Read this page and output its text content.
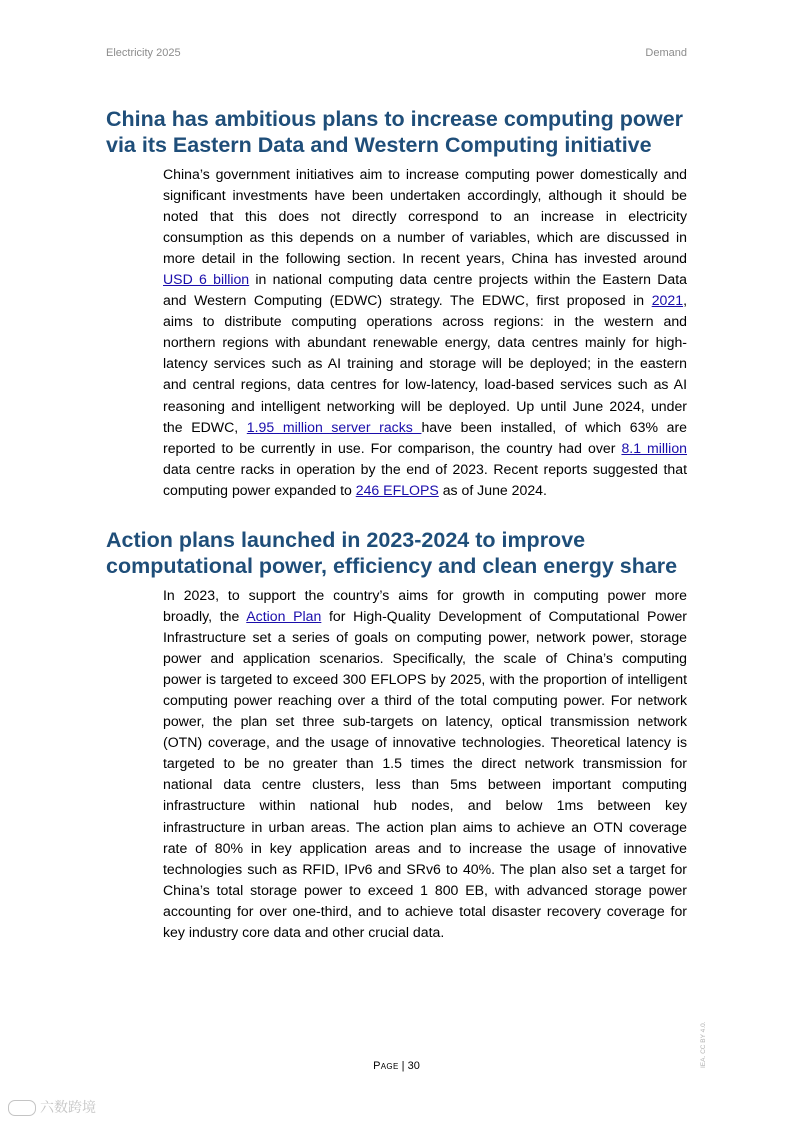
Electricity 2025	Demand
China has ambitious plans to increase computing power
via its Eastern Data and Western Computing initiative
China’s government initiatives aim to increase computing power domestically and
significant investments have been undertaken accordingly, although it should be
noted that this does not directly correspond to an increase in electricity
consumption as this depends on a number of variables, which are discussed in
more detail in the following section. In recent years, China has invested around
USD 6 billion in national computing data centre projects within the Eastern Data
and Western Computing (EDWC) strategy. The EDWC, first proposed in 2021,
aims to distribute computing operations across regions: in the western and
northern regions with abundant renewable energy, data centres mainly for high-
latency services such as AI training and storage will be deployed; in the eastern
and central regions, data centres for low-latency, load-based services such as AI
reasoning and intelligent networking will be deployed. Up until June 2024, under
the EDWC, 1.95 million server racks have been installed, of which 63% are
reported to be currently in use. For comparison, the country had over 8.1 million
data centre racks in operation by the end of 2023. Recent reports suggested that
computing power expanded to 246 EFLOPS as of June 2024.
Action plans launched in 2023-2024 to improve
computational power, efficiency and clean energy share
In 2023, to support the country’s aims for growth in computing power more
broadly, the Action Plan for High-Quality Development of Computational Power
Infrastructure set a series of goals on computing power, network power, storage
power and application scenarios. Specifically, the scale of China’s computing
power is targeted to exceed 300 EFLOPS by 2025, with the proportion of intelligent
computing power reaching over a third of the total computing power. For network
power, the plan set three sub-targets on latency, optical transmission network
(OTN) coverage, and the usage of innovative technologies. Theoretical latency is
targeted to be no greater than 1.5 times the direct network transmission for
national data centre clusters, less than 5ms between important computing
infrastructure within national hub nodes, and below 1ms between key
infrastructure in urban areas. The action plan aims to achieve an OTN coverage
rate of 80% in key application areas and to increase the usage of innovative
technologies such as RFID, IPv6 and SRv6 to 40%. The plan also set a target for
China’s total storage power to exceed 1 800 EB, with advanced storage power
accounting for over one-third, and to achieve total disaster recovery coverage for
key industry core data and other crucial data.
Page | 30	IEA. CC BY 4.0.
六数跨境
